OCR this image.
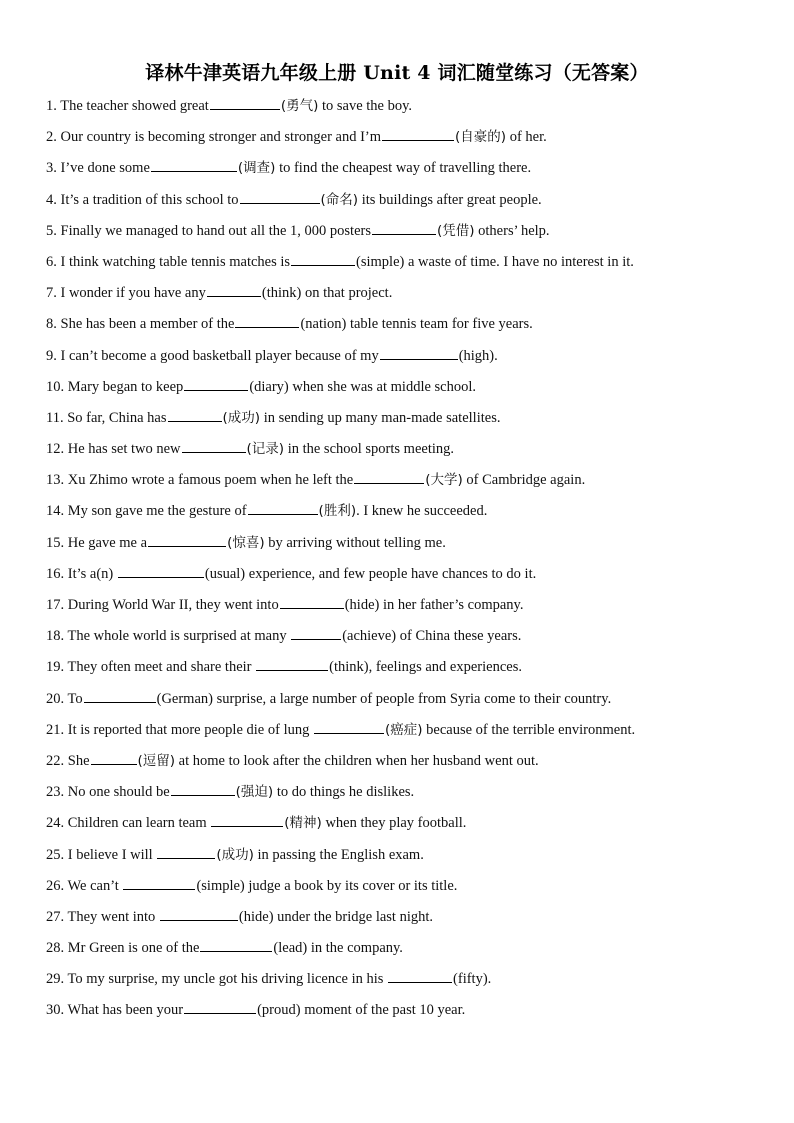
译林牛津英语九年级上册 Unit 4 词汇随堂练习（无答案）
1. The teacher showed great	(勇气) to save the boy.
2. Our country is becoming stronger and stronger and I’m	(自豪的) of her.
3. I’ve done some	(调查) to find the cheapest way of travelling there.
4. It’s a tradition of this school to	(命名) its buildings after great people.
5. Finally we managed to hand out all the 1, 000 posters	(凭借) others’ help.
6. I think watching table tennis matches is	(simple) a waste of time. I have no interest in it.
7. I wonder if you have any	(think) on that project.
8. She has been a member of the	(nation) table tennis team for five years.
9. I can’t become a good basketball player because of my	(high).
10. Mary began to keep	(diary) when she was at middle school.
11. So far, China has	(成功) in sending up many man-made satellites.
12. He has set two new	(记录) in the school sports meeting.
13. Xu Zhimo wrote a famous poem when he left the	(大学) of Cambridge again.
14. My son gave me the gesture of	(胜利). I knew he succeeded.
15. He gave me a	(惊喜) by arriving without telling me.
16. It’s a(n)	(usual) experience, and few people have chances to do it.
17. During World War II, they went into	(hide) in her father’s company.
18. The whole world is surprised at many	(achieve) of China these years.
19. They often meet and share their	(think), feelings and experiences.
20. To	(German) surprise, a large number of people from Syria come to their country.
21. It is reported that more people die of lung	(癌症) because of the terrible environment.
22. She	(逗留) at home to look after the children when her husband went out.
23. No one should be	(强迫) to do things he dislikes.
24. Children can learn team	(精神) when they play football.
25. I believe I will	(成功) in passing the English exam.
26. We can’t	(simple) judge a book by its cover or its title.
27. They went into	(hide) under the bridge last night.
28. Mr Green is one of the	(lead) in the company.
29. To my surprise, my uncle got his driving licence in his	(fifty).
30. What has been your	(proud) moment of the past 10 year.
